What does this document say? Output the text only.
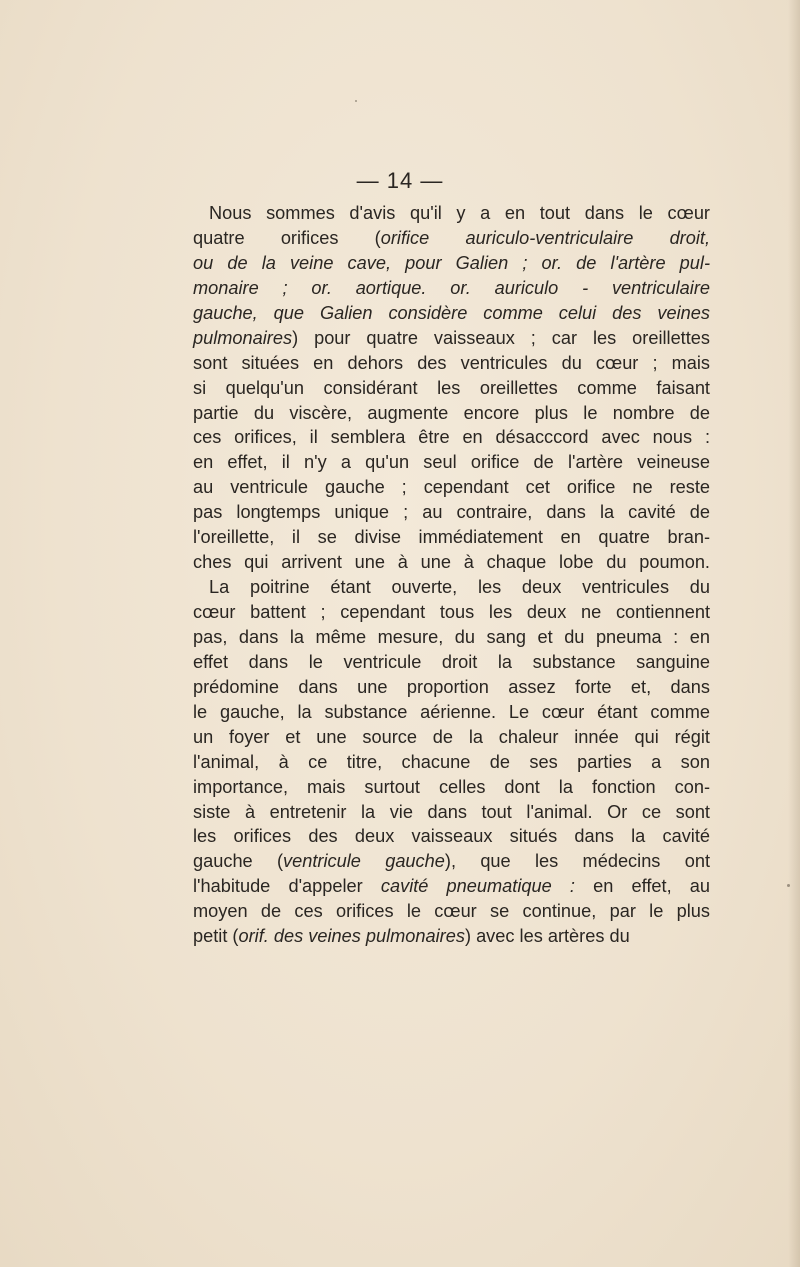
— 14 —
Nous sommes d'avis qu'il y a en tout dans le cœur
quatre orifices (orifice auriculo-ventriculaire droit,
ou de la veine cave, pour Galien ; or. de l'artère pul-
monaire ; or. aortique. or. auriculo - ventriculaire
gauche, que Galien considère comme celui des veines
pulmonaires) pour quatre vaisseaux ; car les oreillettes
sont situées en dehors des ventricules du cœur ; mais
si quelqu'un considérant les oreillettes comme faisant
partie du viscère, augmente encore plus le nombre de
ces orifices, il semblera être en désacccord avec nous :
en effet, il n'y a qu'un seul orifice de l'artère veineuse
au ventricule gauche ; cependant cet orifice ne reste
pas longtemps unique ; au contraire, dans la cavité de
l'oreillette, il se divise immédiatement en quatre bran-
ches qui arrivent une à une à chaque lobe du poumon.
La poitrine étant ouverte, les deux ventricules du
cœur battent ; cependant tous les deux ne contiennent
pas, dans la même mesure, du sang et du pneuma : en
effet dans le ventricule droit la substance sanguine
prédomine dans une proportion assez forte et, dans
le gauche, la substance aérienne. Le cœur étant comme
un foyer et une source de la chaleur innée qui régit
l'animal, à ce titre, chacune de ses parties a son
importance, mais surtout celles dont la fonction con-
siste à entretenir la vie dans tout l'animal. Or ce sont
les orifices des deux vaisseaux situés dans la cavité
gauche (ventricule gauche), que les médecins ont
l'habitude d'appeler cavité pneumatique : en effet, au
moyen de ces orifices le cœur se continue, par le plus
petit (orif. des veines pulmonaires) avec les artères du
